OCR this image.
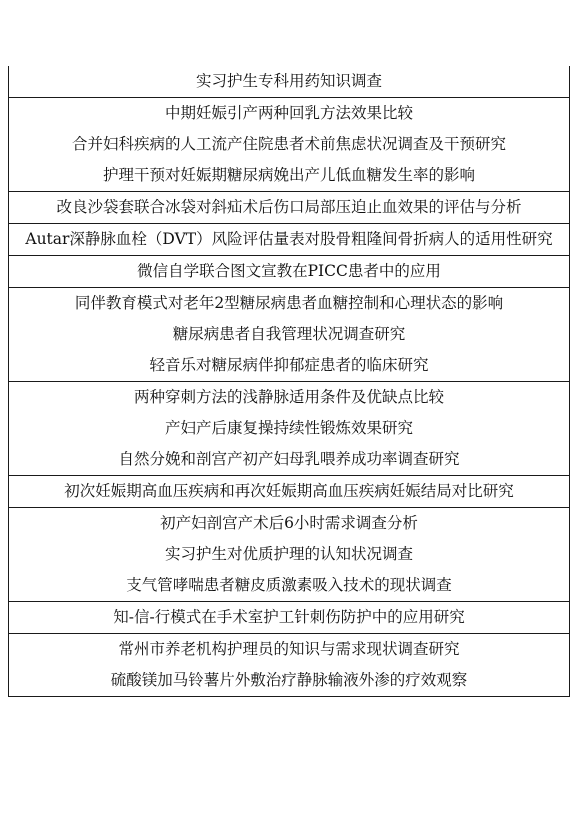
实习护生专科用药知识调查

中期妊娠引产两种回乳方法效果比较
合并妇科疾病的人工流产住院患者术前焦虑状况调查及干预研究
护理干预对妊娠期糖尿病娩出产儿低血糖发生率的影响

改良沙袋套联合冰袋对斜疝术后伤口局部压迫止血效果的评估与分析

Autar深静脉血栓（DVT）风险评估量表对股骨粗隆间骨折病人的适用性研究

微信自学联合图文宣教在PICC患者中的应用

同伴教育模式对老年2型糖尿病患者血糖控制和心理状态的影响
糖尿病患者自我管理状况调查研究
轻音乐对糖尿病伴抑郁症患者的临床研究

两种穿刺方法的浅静脉适用条件及优缺点比较
产妇产后康复操持续性锻炼效果研究
自然分娩和剖宫产初产妇母乳喂养成功率调查研究

初次妊娠期高血压疾病和再次妊娠期高血压疾病妊娠结局对比研究

初产妇剖宫产术后6小时需求调查分析
实习护生对优质护理的认知状况调查
支气管哮喘患者糖皮质激素吸入技术的现状调查

知-信-行模式在手术室护工针刺伤防护中的应用研究

常州市养老机构护理员的知识与需求现状调查研究
硫酸镁加马铃薯片外敷治疗静脉输液外渗的疗效观察
